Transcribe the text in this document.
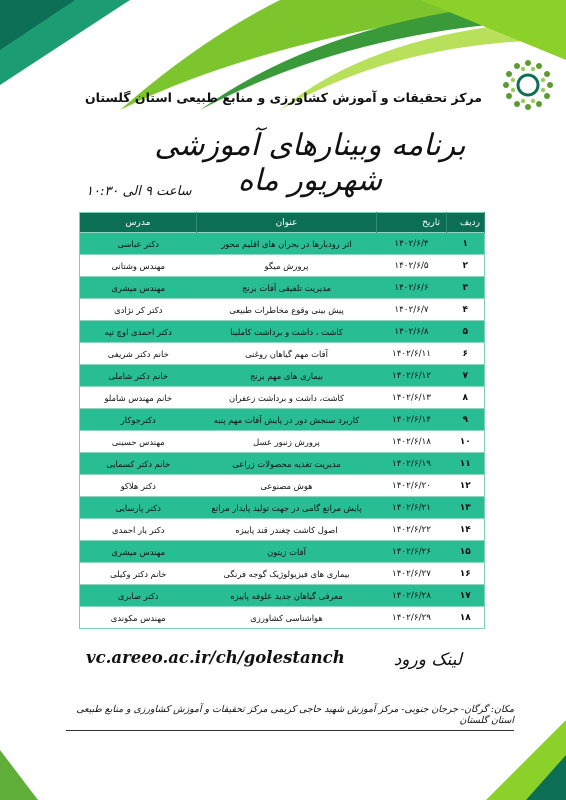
مرکز تحقیقات و آموزش کشاورزی و منابع طبیعی استان گلستان
برنامه وبینارهای آموزشی شهریور ماه
ساعت ۹ الی ۱۰:۳۰
ردیف	تاریخ	عنوان	مدرس
۱	۱۴۰۲/۶/۴	اثر رودبارها در بحران های اقلیم محور	دکتر عباسی
۲	۱۴۰۲/۶/۵	پرورش میگو	مهندس وشتانی
۳	۱۴۰۲/۶/۶	مدیریت تلفیقی آفات برنج	مهندس میشری
۴	۱۴۰۲/۶/۷	پیش بینی وقوع مخاطرات طبیعی	دکتر کر نژادی
۵	۱۴۰۲/۶/۸	کاشت ، داشت و برداشت کاملینا	دکتر احمدی اوچ تپه
۶	۱۴۰۲/۶/۱۱	آفات مهم گیاهان روغنی	خانم دکتر شریفی
۷	۱۴۰۲/۶/۱۲	بیماری های مهم برنج	خانم دکتر شاملی
۸	۱۴۰۲/۶/۱۳	کاشت، داشت و برداشت زعفران	خانم مهندس شاملو
۹	۱۴۰۲/۶/۱۴	کاربرد سنجش دور در پایش آفات مهم پنبه	دکترجوکار
۱۰	۱۴۰۲/۶/۱۸	پرورش زنبور عسل	مهندس حسینی
۱۱	۱۴۰۲/۶/۱۹	مدیریت تغذیه محصولات زراعی	خانم دکتر کسمایی
۱۲	۱۴۰۲/۶/۲۰	هوش مصنوعی	دکتر هلاکو
۱۳	۱۴۰۲/۶/۲۱	پایش مراتع گامی در جهت تولید پایدار مراتع	دکتر پارسایی
۱۴	۱۴۰۲/۶/۲۲	اصول کاشت چغندر قند پاییزه	دکتر یار احمدی
۱۵	۱۴۰۲/۶/۲۶	آفات زیتون	مهندس میشری
۱۶	۱۴۰۲/۶/۲۷	بیماری های فیزیولوژیک گوجه فرنگی	خانم دکتر وکیلی
۱۷	۱۴۰۲/۶/۲۸	معرفی گیاهان جدید علوفه پاییزه	دکتر صابری
۱۸	۱۴۰۲/۶/۲۹	هواشناسی کشاورزی	مهندس مکوندی
لینک ورود
vc.areeo.ac.ir/ch/golestanch
مکان: گرگان- جرجان جنوبی- مرکز آموزش شهید حاجی کریمی مرکز تحقیقات و آموزش کشاورزی و منابع طبیعی استان گلستان
